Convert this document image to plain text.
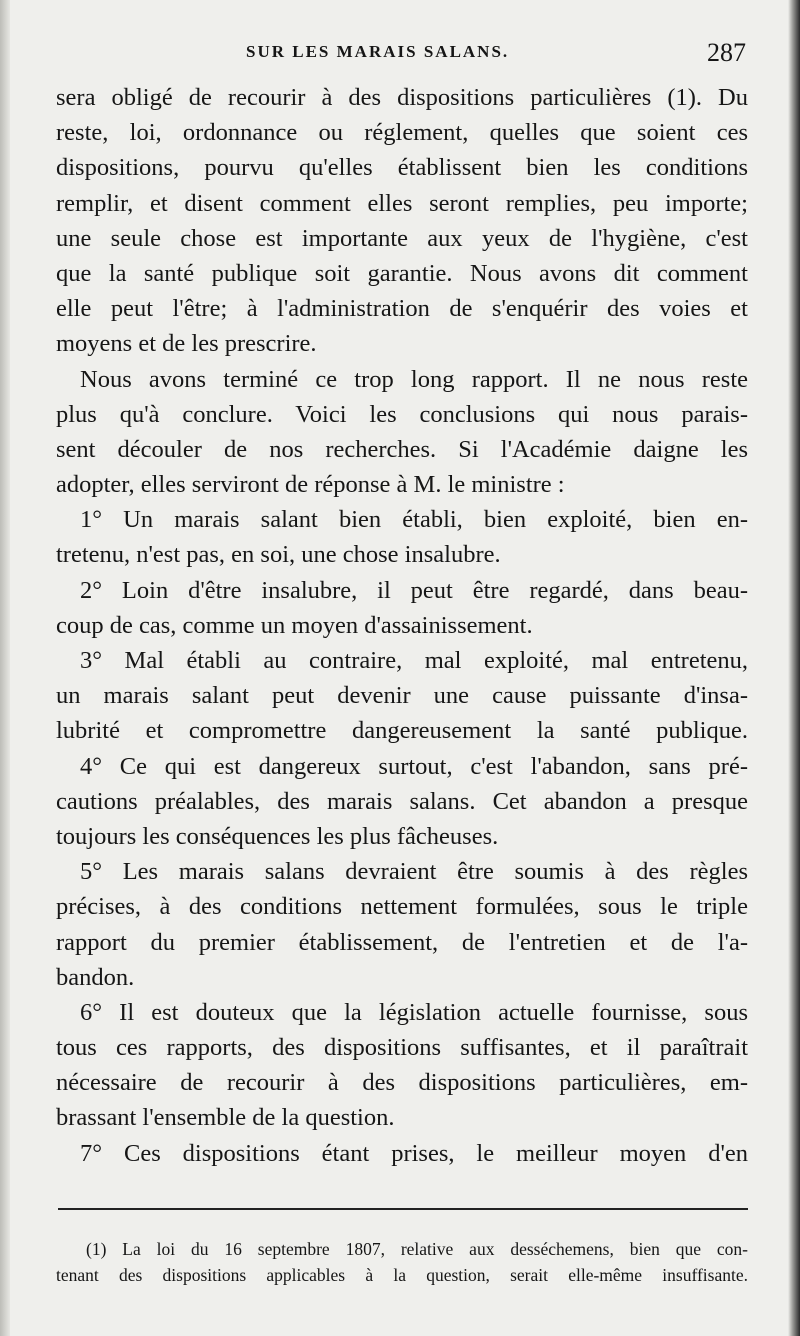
SUR LES MARAIS SALANS.	287
sera obligé de recourir à des dispositions particulières (1). Du
reste, loi, ordonnance ou réglement, quelles que soient ces
dispositions, pourvu qu'elles établissent bien les conditions
remplir, et disent comment elles seront remplies, peu importe;
une seule chose est importante aux yeux de l'hygiène, c'est
que la santé publique soit garantie. Nous avons dit comment
elle peut l'être; à l'administration de s'enquérir des voies et
moyens et de les prescrire.
Nous avons terminé ce trop long rapport. Il ne nous reste
plus qu'à conclure. Voici les conclusions qui nous parais-
sent découler de nos recherches. Si l'Académie daigne les
adopter, elles serviront de réponse à M. le ministre :
1° Un marais salant bien établi, bien exploité, bien en-
tretenu, n'est pas, en soi, une chose insalubre.
2° Loin d'être insalubre, il peut être regardé, dans beau-
coup de cas, comme un moyen d'assainissement.
3° Mal établi au contraire, mal exploité, mal entretenu,
un marais salant peut devenir une cause puissante d'insa-
lubrité et compromettre dangereusement la santé publique.
4° Ce qui est dangereux surtout, c'est l'abandon, sans pré-
cautions préalables, des marais salans. Cet abandon a presque
toujours les conséquences les plus fâcheuses.
5° Les marais salans devraient être soumis à des règles
précises, à des conditions nettement formulées, sous le triple
rapport du premier établissement, de l'entretien et de l'a-
bandon.
6° Il est douteux que la législation actuelle fournisse, sous
tous ces rapports, des dispositions suffisantes, et il paraîtrait
nécessaire de recourir à des dispositions particulières, em-
brassant l'ensemble de la question.
7° Ces dispositions étant prises, le meilleur moyen d'en
(1) La loi du 16 septembre 1807, relative aux desséchemens, bien que con-
tenant des dispositions applicables à la question, serait elle-même insuffisante.
